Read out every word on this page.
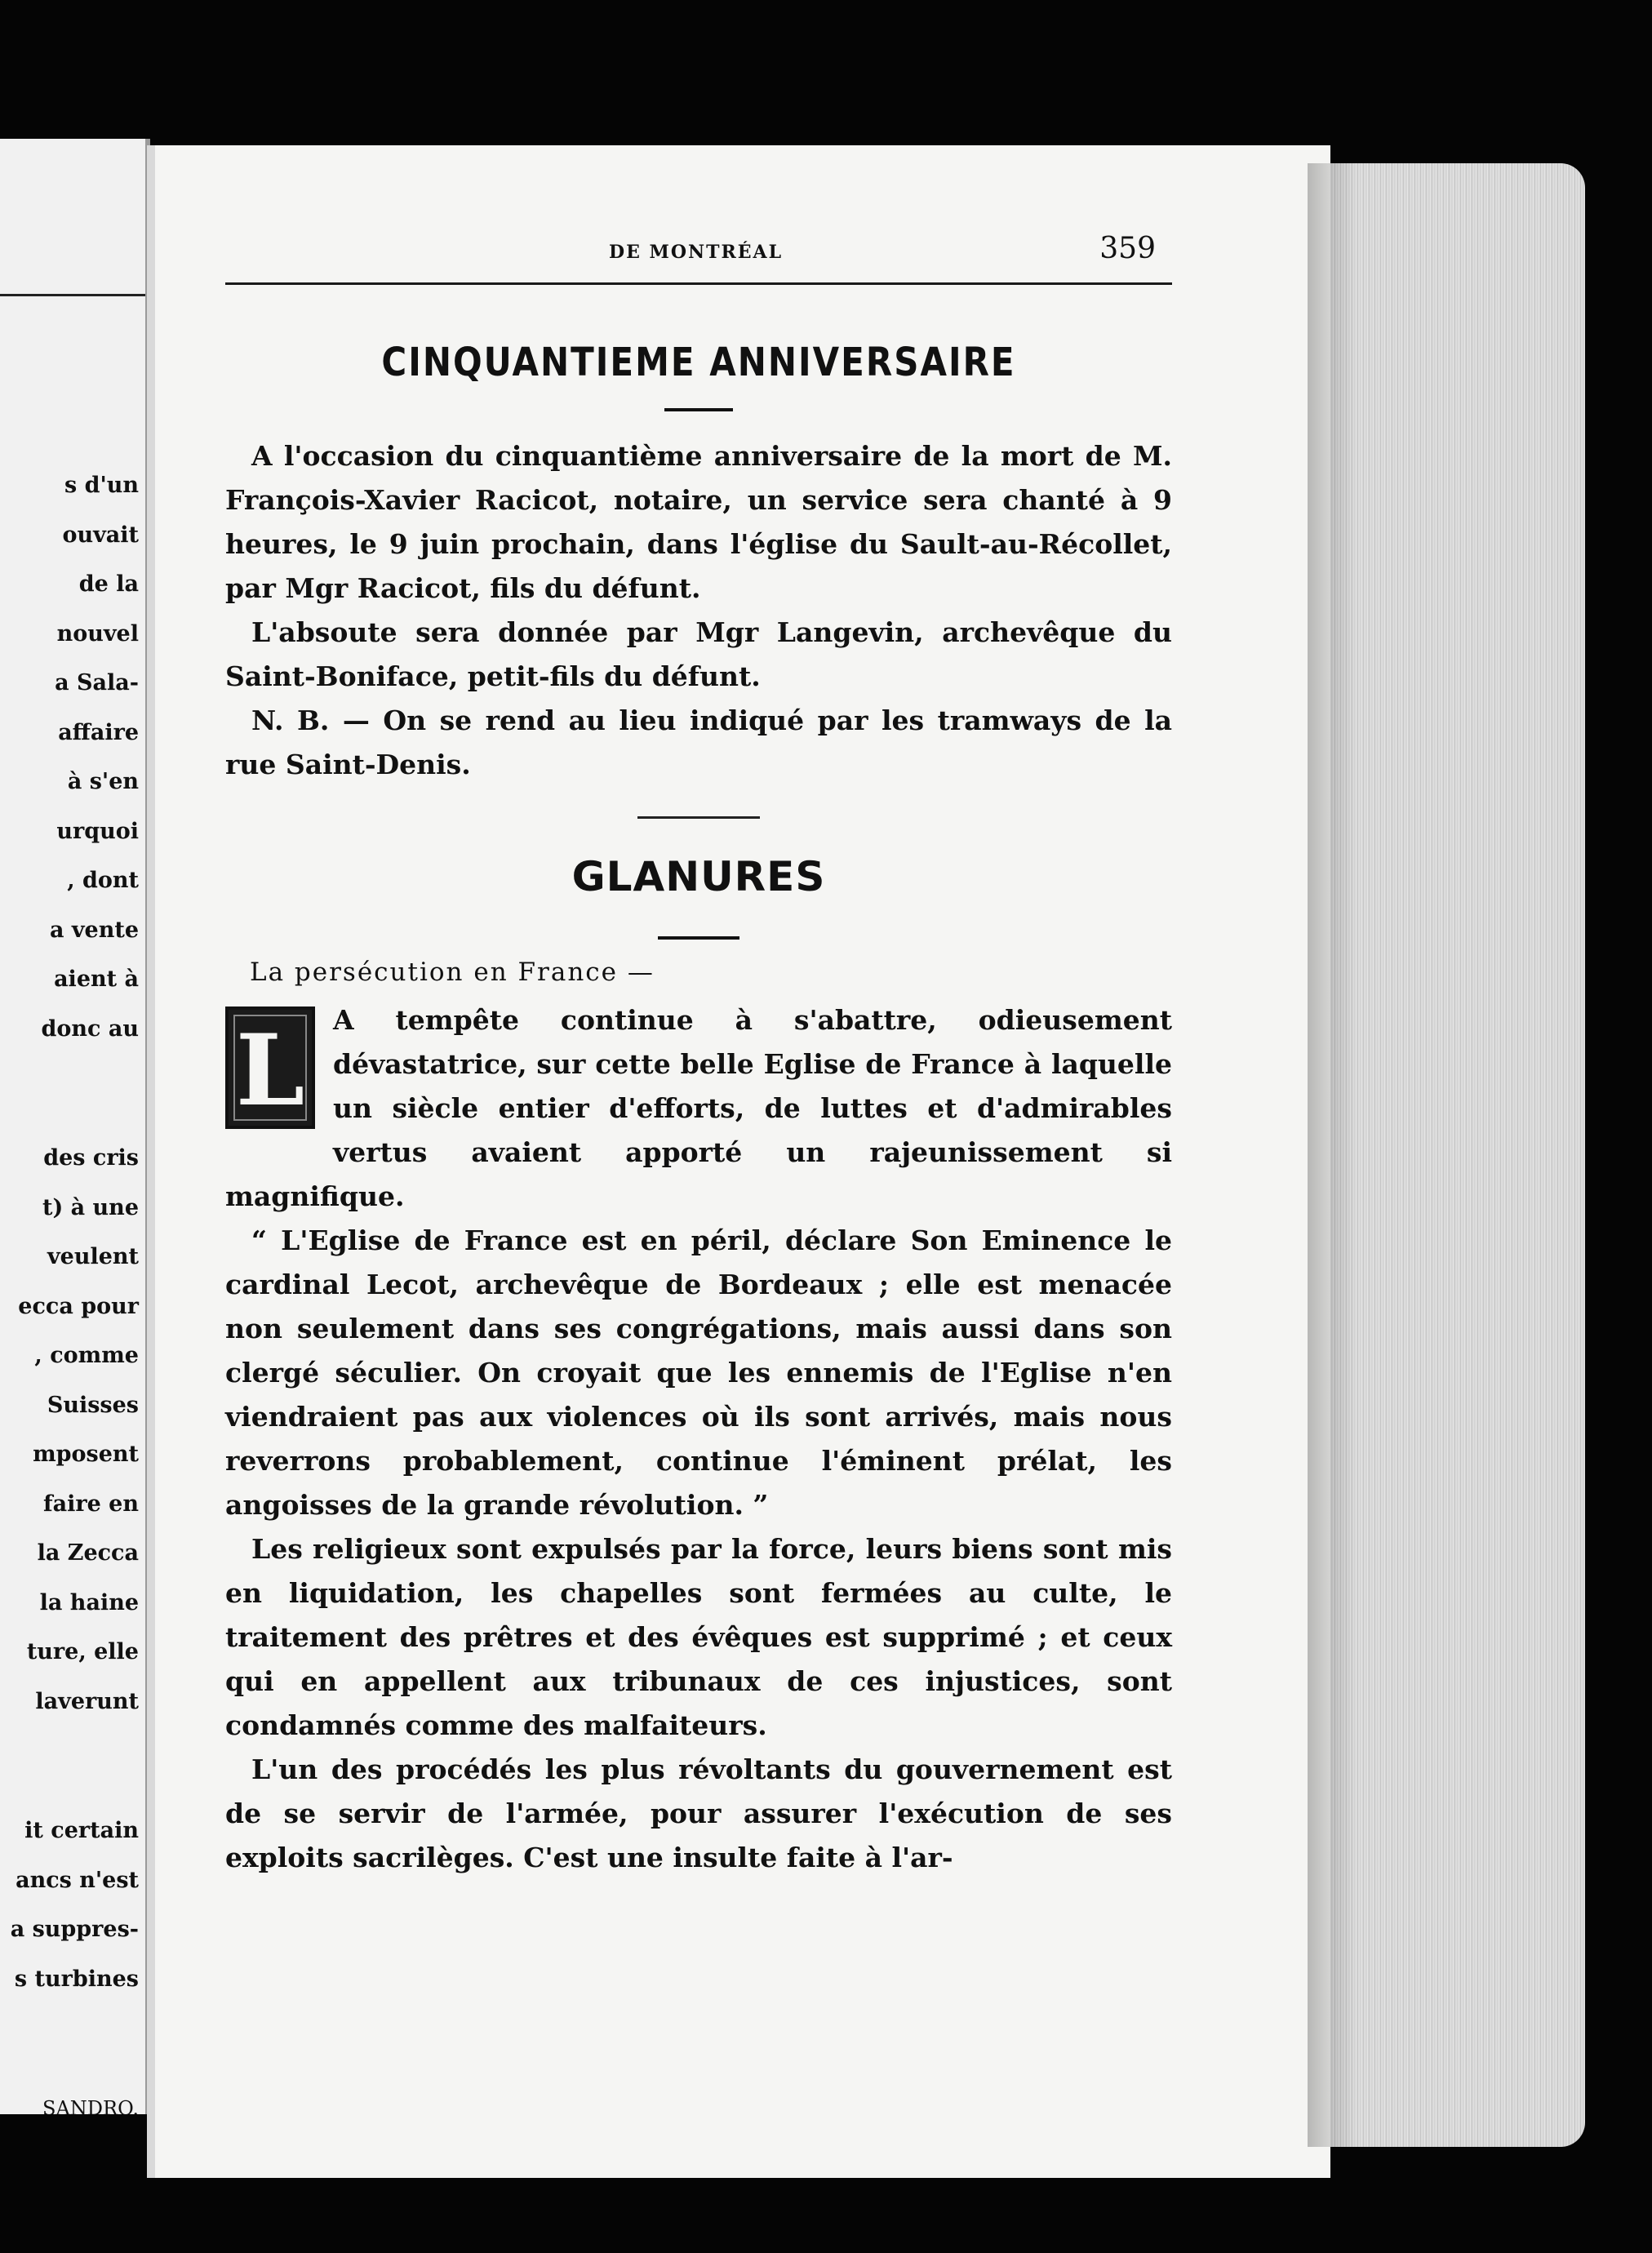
s d'un
ouvait
de la
nouvel
a Sala-
affaire
à s'en
urquoi
, dont
a vente
aient à
donc au
des cris
t) à une
veulent
ecca pour
, comme
Suisses
mposent
faire en
la Zecca
la haine
ture, elle
laverunt
it certain
ancs n'est
a suppres-
s turbines
SANDRO.
DE MONTRÉAL	359
CINQUANTIEME ANNIVERSAIRE

A l'occasion du cinquantième anniversaire de la mort de M. François-Xavier Racicot, notaire, un service sera chanté à 9 heures, le 9 juin prochain, dans l'église du Sault-au-Récollet, par Mgr Racicot, fils du défunt.

L'absoute sera donnée par Mgr Langevin, archevêque du Saint-Boniface, petit-fils du défunt.

N. B. — On se rend au lieu indiqué par les tramways de la rue Saint-Denis.

GLANURES
La persécution en France —
L	A tempête continue à s'abattre, odieusement dévastatrice, sur cette belle Eglise de France à laquelle un siècle entier d'efforts, de luttes et d'admirables vertus avaient apporté un rajeunissement si magnifique.

“ L'Eglise de France est en péril, déclare Son Eminence le cardinal Lecot, archevêque de Bordeaux ; elle est menacée non seulement dans ses congrégations, mais aussi dans son clergé séculier. On croyait que les ennemis de l'Eglise n'en viendraient pas aux violences où ils sont arrivés, mais nous reverrons probablement, continue l'éminent prélat, les angoisses de la grande révolution. ”

Les religieux sont expulsés par la force, leurs biens sont mis en liquidation, les chapelles sont fermées au culte, le traitement des prêtres et des évêques est supprimé ; et ceux qui en appellent aux tribunaux de ces injustices, sont condamnés comme des malfaiteurs.

L'un des procédés les plus révoltants du gouvernement est de se servir de l'armée, pour assurer l'exécution de ses exploits sacrilèges. C'est une insulte faite à l'ar-
